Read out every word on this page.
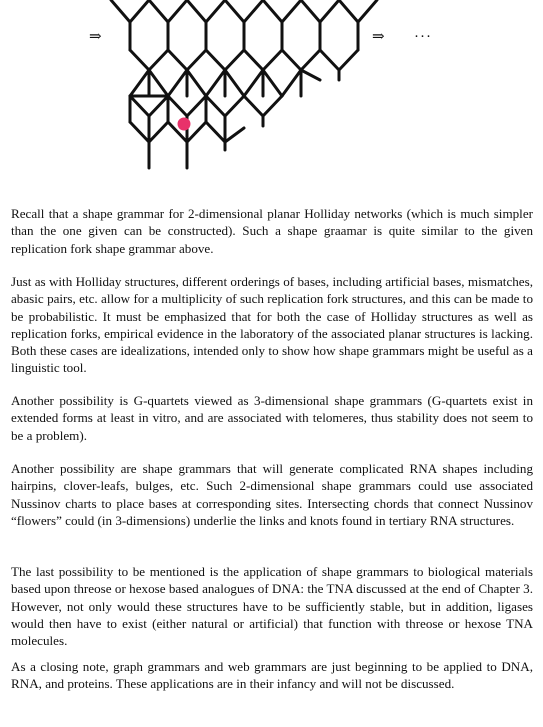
⇒	⇒ ···

Recall that a shape grammar for 2-dimensional planar Holliday networks (which is much simpler than the one given can be constructed). Such a shape graamar is quite similar to the given replication fork shape grammar above.

Just as with Holliday structures, different orderings of bases, including artificial bases, mismatches, abasic pairs, etc. allow for a multiplicity of such replication fork structures, and this can be made to be probabilistic. It must be emphasized that for both the case of Holliday structures as well as replication forks, empirical evidence in the laboratory of the associated planar structures is lacking. Both these cases are idealizations, intended only to show how shape grammars might be useful as a linguistic tool.

Another possibility is G-quartets viewed as 3-dimensional shape grammars (G-quartets exist in extended forms at least in vitro, and are associated with telomeres, thus stability does not seem to be a problem).

Another possibility are shape grammars that will generate complicated RNA shapes including hairpins, clover-leafs, bulges, etc. Such 2-dimensional shape grammars could use associated Nussinov charts to place bases at corresponding sites. Intersecting chords that connect Nussinov “flowers” could (in 3-dimensions) underlie the links and knots found in tertiary RNA structures.

The last possibility to be mentioned is the application of shape grammars to biological materials based upon threose or hexose based analogues of DNA: the TNA discussed at the end of Chapter 3. However, not only would these structures have to be sufficiently stable, but in addition, ligases would then have to exist (either natural or artificial) that function with threose or hexose TNA molecules.

As a closing note, graph grammars and web grammars are just beginning to be applied to DNA, RNA, and proteins. These applications are in their infancy and will not be discussed.
